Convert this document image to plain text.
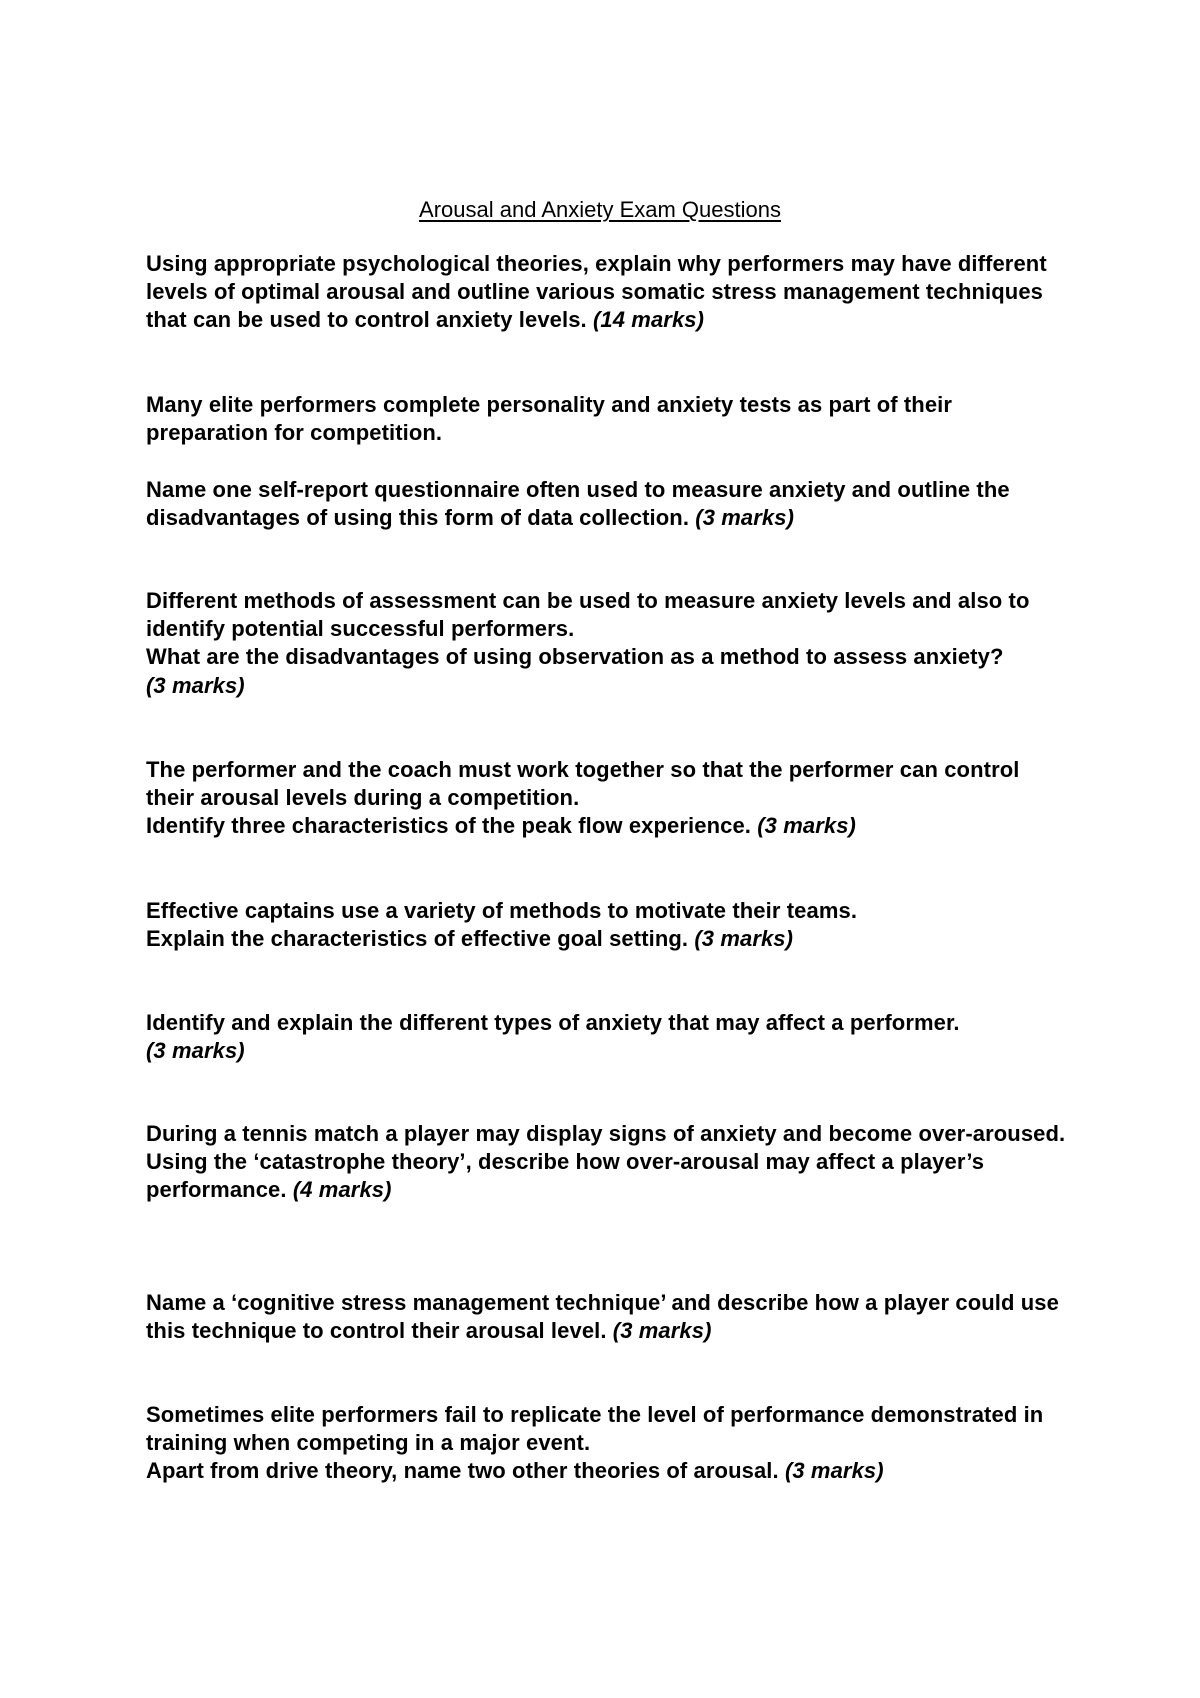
Arousal and Anxiety Exam Questions

Using appropriate psychological theories, explain why performers may have different levels of optimal arousal and outline various somatic stress management techniques that can be used to control anxiety levels. (14 marks)

Many elite performers complete personality and anxiety tests as part of their preparation for competition.

Name one self-report questionnaire often used to measure anxiety and outline the disadvantages of using this form of data collection. (3 marks)

Different methods of assessment can be used to measure anxiety levels and also to identify potential successful performers.

What are the disadvantages of using observation as a method to assess anxiety?

(3 marks)

The performer and the coach must work together so that the performer can control their arousal levels during a competition.

Identify three characteristics of the peak flow experience. (3 marks)

Effective captains use a variety of methods to motivate their teams.

Explain the characteristics of effective goal setting. (3 marks)

Identify and explain the different types of anxiety that may affect a performer.

(3 marks)

During a tennis match a player may display signs of anxiety and become over-aroused.

Using the ‘catastrophe theory’, describe how over-arousal may affect a player’s performance. (4 marks)

Name a ‘cognitive stress management technique’ and describe how a player could use this technique to control their arousal level. (3 marks)

Sometimes elite performers fail to replicate the level of performance demonstrated in training when competing in a major event.

Apart from drive theory, name two other theories of arousal. (3 marks)
